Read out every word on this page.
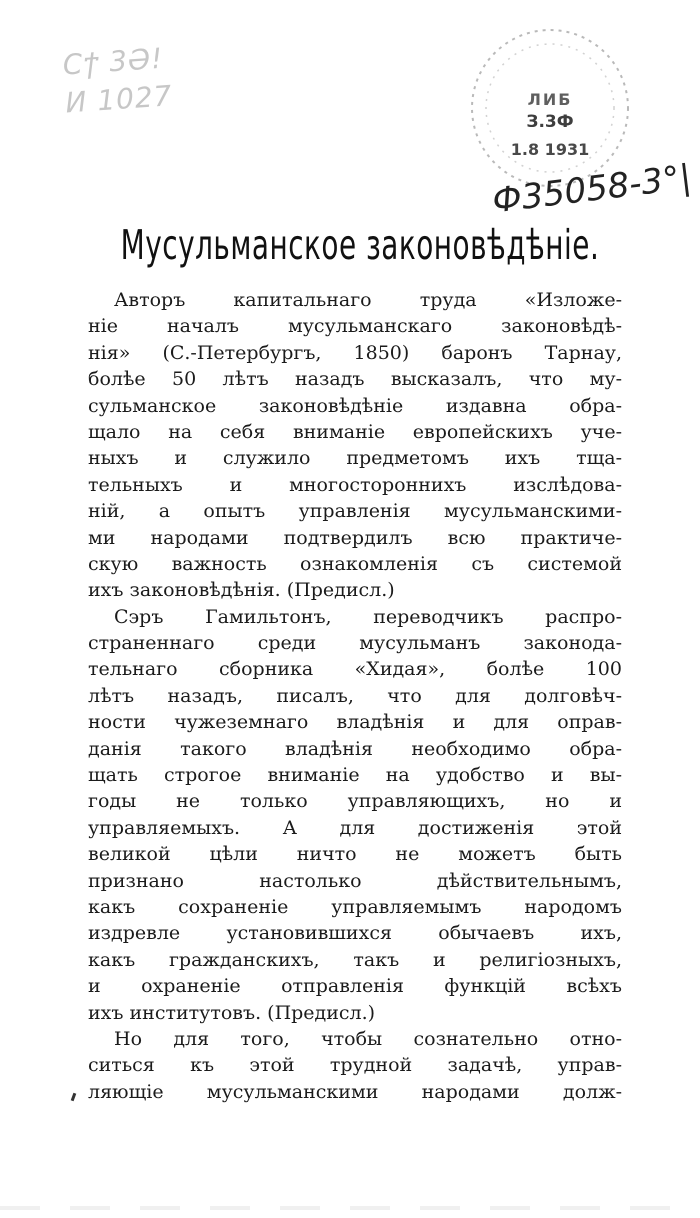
Ϲϯ 3Ə!
И 1027	ЛИБ
З.3Ф
1.8 1931
Ф35058-3°|
Мусульманское законовѣдѣніе.
Авторъ капитальнаго труда «Изложе-
ніе началъ мусульманскаго законовѣдѣ-
нія» (С.-Петербургъ, 1850) баронъ Тарнау,
болѣе 50 лѣтъ назадъ высказалъ, что му-
сульманское законовѣдѣніе издавна обра-
щало на себя вниманіе европейскихъ уче-
ныхъ и служило предметомъ ихъ тща-
тельныхъ и многостороннихъ изслѣдова-
ній, а опытъ управленія мусульманскими-
ми народами подтвердилъ всю практиче-
скую важность ознакомленія съ системой
ихъ законовѣдѣнія. (Предисл.)
Сэръ Гамильтонъ, переводчикъ распро-
страненнаго среди мусульманъ законода-
тельнаго сборника «Хидая», болѣе 100
лѣтъ назадъ, писалъ, что для долговѣч-
ности чужеземнаго владѣнія и для оправ-
данія такого владѣнія необходимо обра-
щать строгое вниманіе на удобство и вы-
годы не только управляющихъ, но и
управляемыхъ. А для достиженія этой
великой цѣли ничто не можетъ быть
признано настолько дѣйствительнымъ,
какъ сохраненіе управляемымъ народомъ
издревле установившихся обычаевъ ихъ,
какъ гражданскихъ, такъ и религіозныхъ,
и охраненіе отправленія функцій всѣхъ
ихъ институтовъ. (Предисл.)
Но для того, чтобы сознательно отно-
ситься къ этой трудной задачѣ, управ-
ляющіе мусульманскими народами долж-
